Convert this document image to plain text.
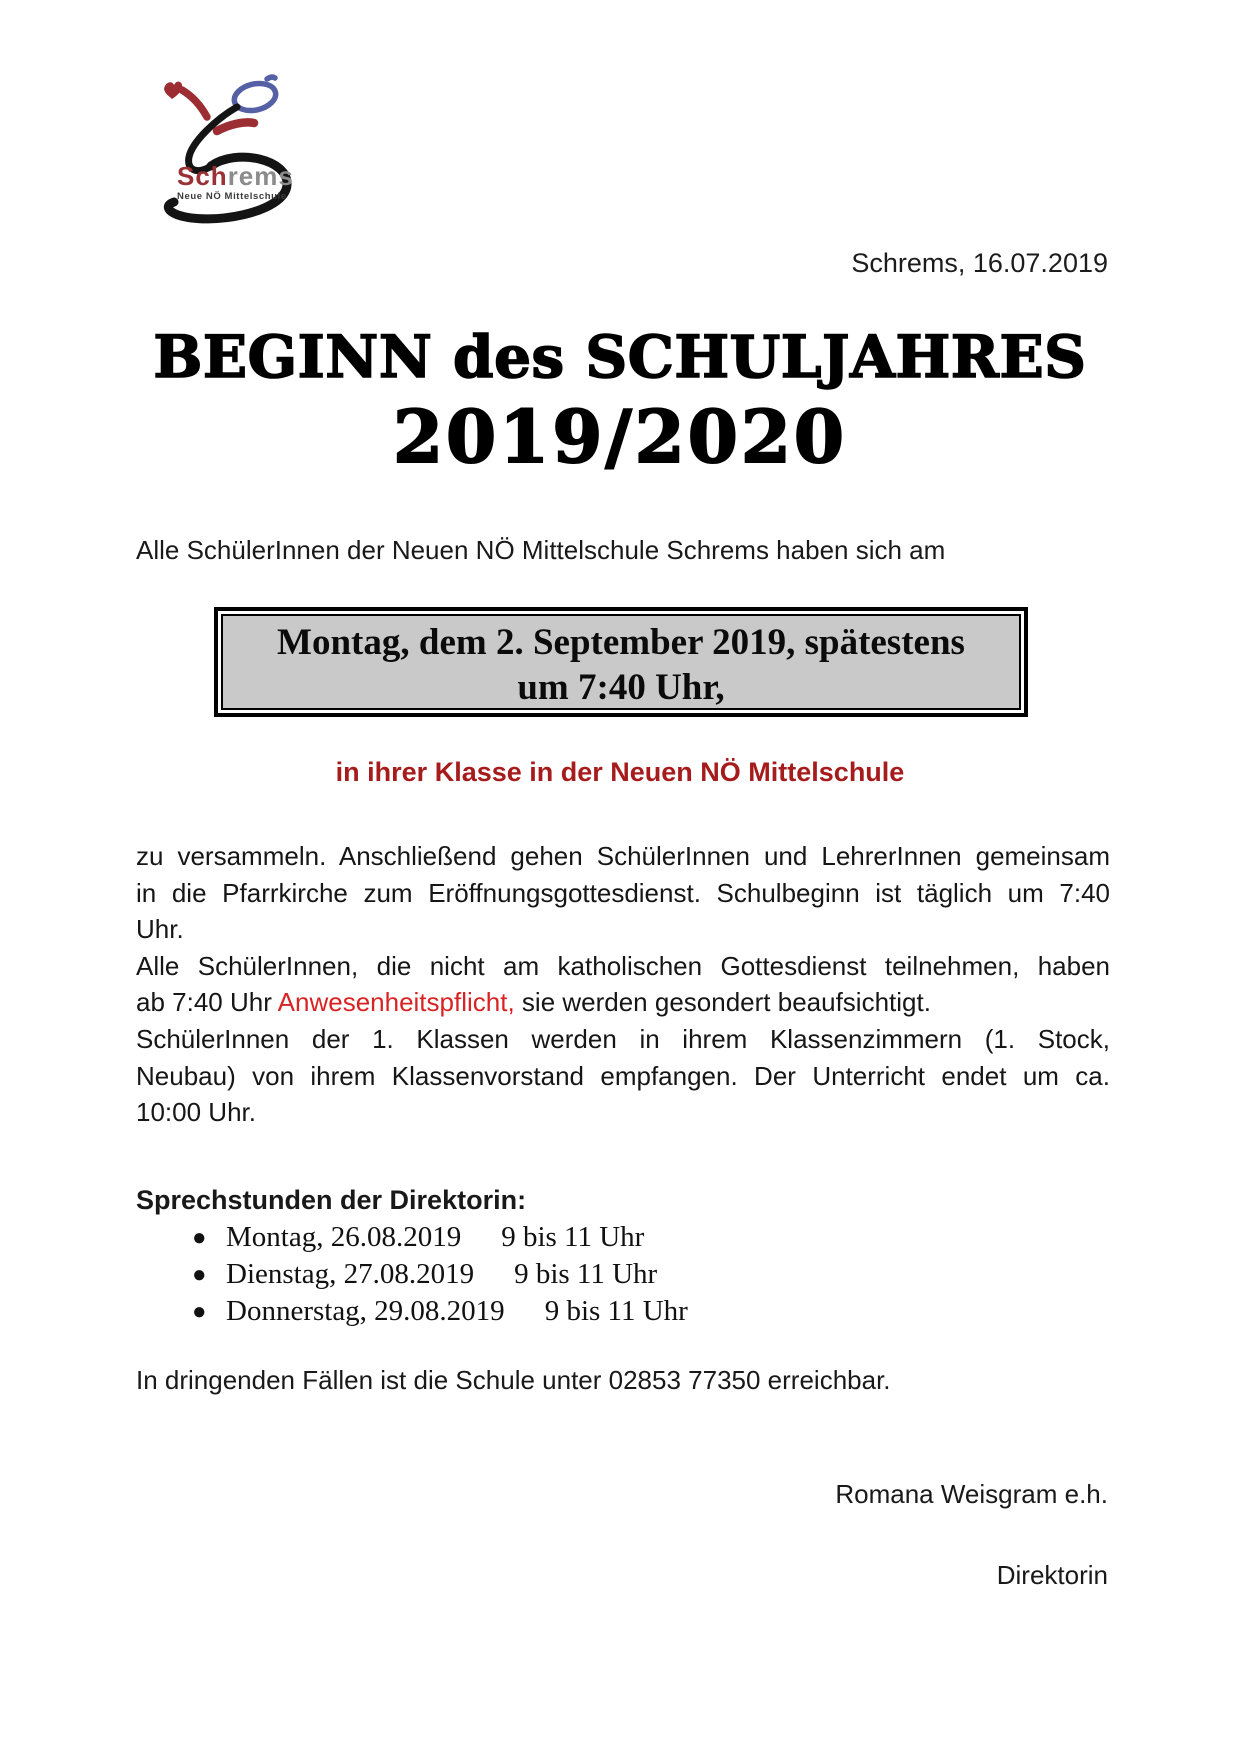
Schrems
Neue NÖ Mittelschule
Schrems, 16.07.2019
BEGINN des SCHULJAHRES
2019/2020
Alle SchülerInnen der Neuen NÖ Mittelschule Schrems haben sich am
Montag, dem 2. September 2019, spätestens
um 7:40 Uhr,
in ihrer Klasse in der Neuen NÖ Mittelschule
zu versammeln. Anschließend gehen SchülerInnen und LehrerInnen gemeinsam
in die Pfarrkirche zum Eröffnungsgottesdienst. Schulbeginn ist täglich um 7:40
Uhr.
Alle SchülerInnen, die nicht am katholischen Gottesdienst teilnehmen, haben
ab 7:40 Uhr Anwesenheitspflicht, sie werden gesondert beaufsichtigt.
SchülerInnen der 1. Klassen werden in ihrem Klassenzimmern (1. Stock,
Neubau) von ihrem Klassenvorstand empfangen. Der Unterricht endet um ca.
10:00 Uhr.
Sprechstunden der Direktorin:
● Montag, 26.08.2019 9 bis 11 Uhr
● Dienstag, 27.08.2019 9 bis 11 Uhr
● Donnerstag, 29.08.2019 9 bis 11 Uhr
In dringenden Fällen ist die Schule unter 02853 77350 erreichbar.
Romana Weisgram e.h.
Direktorin
